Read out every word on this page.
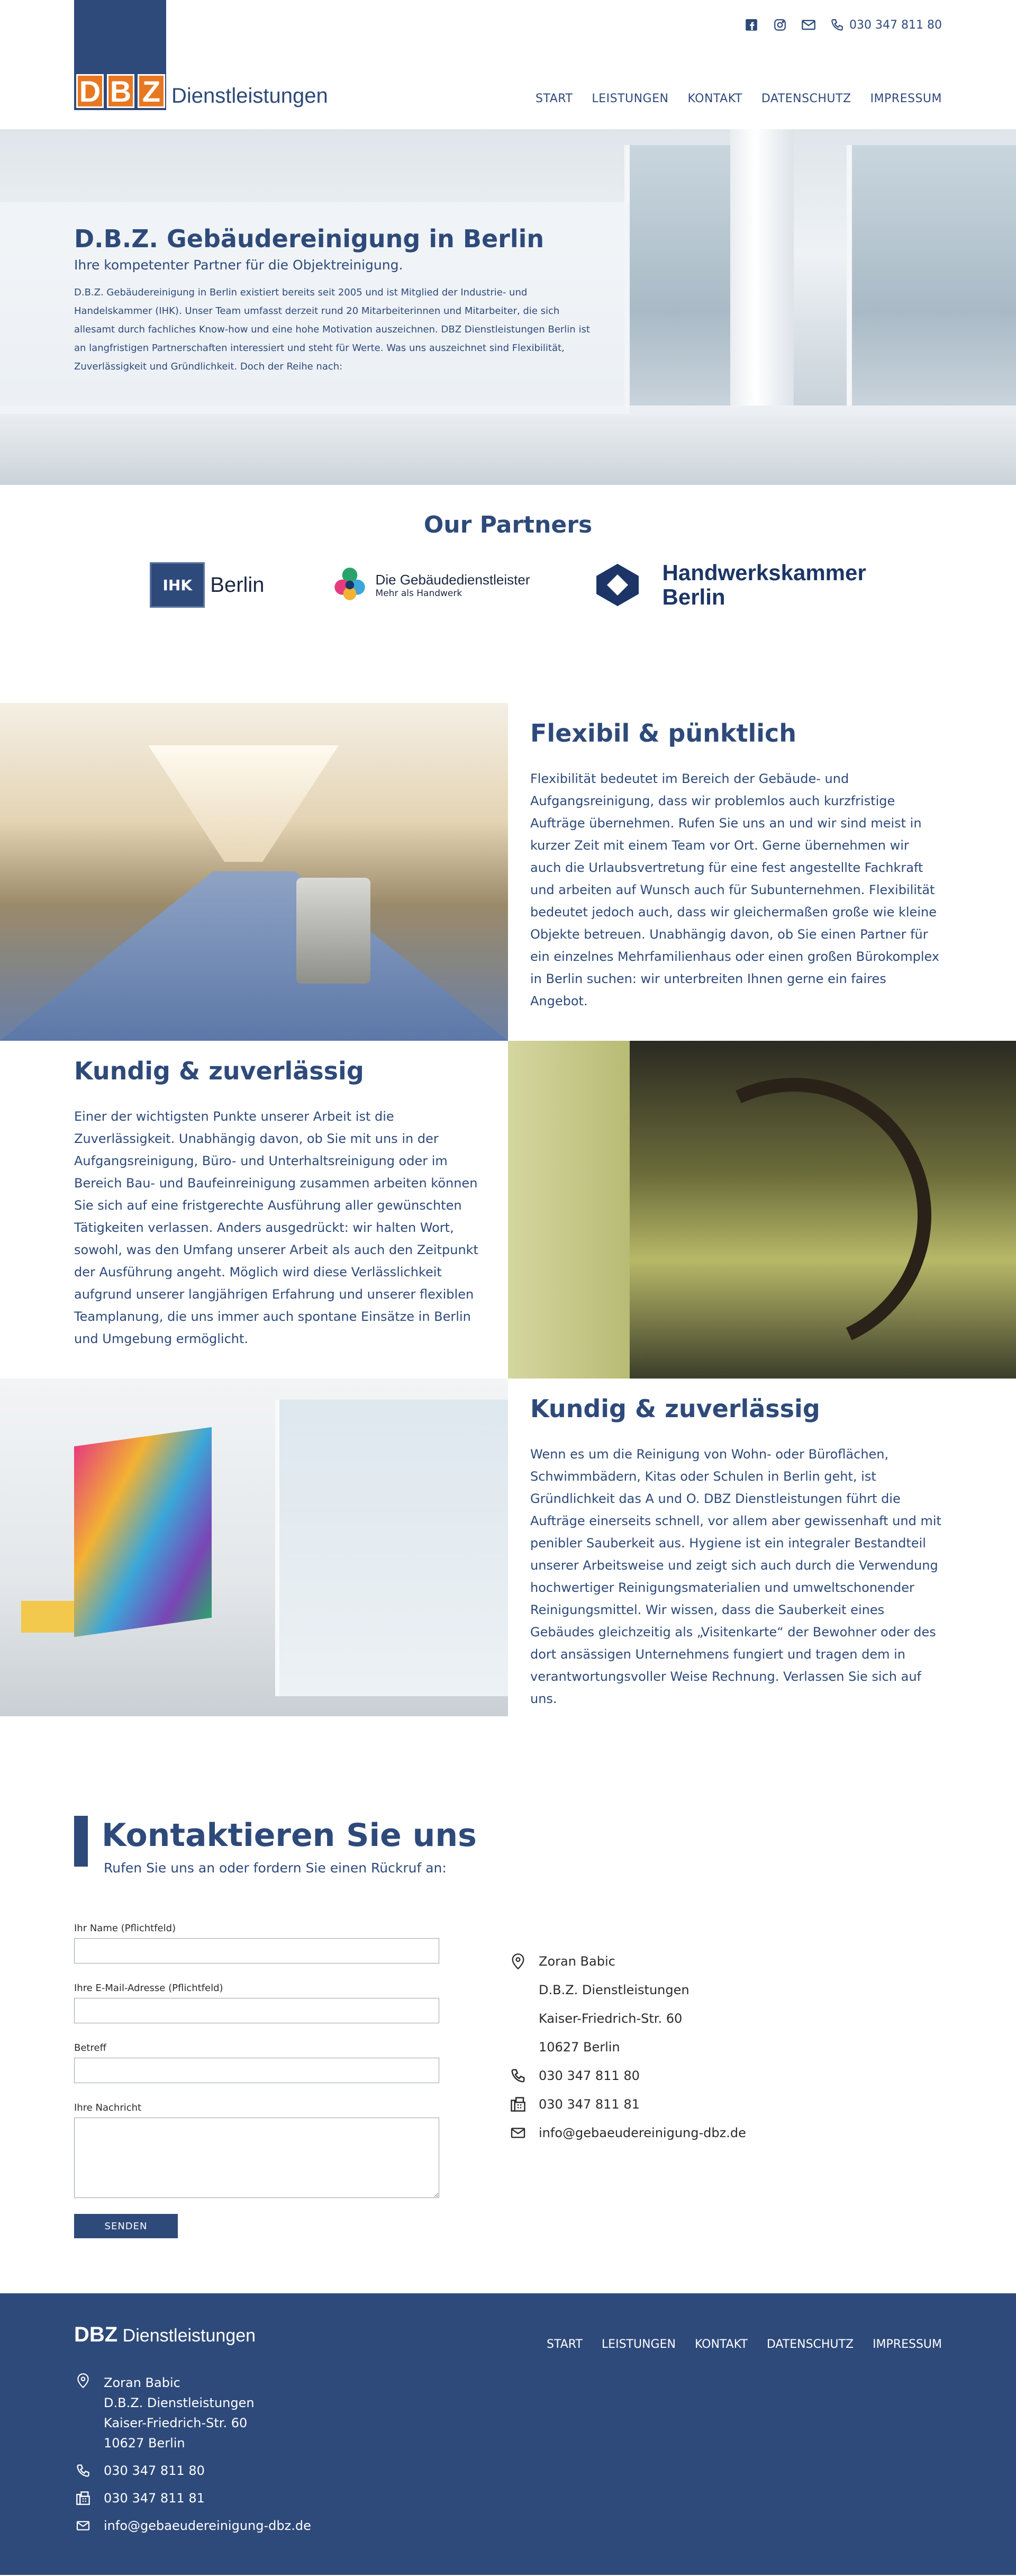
D B Z Dienstleistungen
030 347 811 80
START LEISTUNGEN KONTAKT DATENSCHUTZ IMPRESSUM
D.B.Z. Gebäudereinigung in Berlin
Ihre kompetenter Partner für die Objektreinigung.

D.B.Z. Gebäudereinigung in Berlin existiert bereits seit 2005 und ist Mitglied der Industrie- und Handelskammer (IHK). Unser Team umfasst derzeit rund 20 Mitarbeiterinnen und Mitarbeiter, die sich allesamt durch fachliches Know-how und eine hohe Motivation auszeichnen. DBZ Dienstleistungen Berlin ist an langfristigen Partnerschaften interessiert und steht für Werte. Was uns auszeichnet sind Flexibilität, Zuverlässigkeit und Gründlichkeit. Doch der Reihe nach:

Our Partners
IHK Berlin	Die Gebäudedienstleister
Mehr als Handwerk
Handwerkskammer
Berlin
Flexibil & pünktlich

Flexibilität bedeutet im Bereich der Gebäude- und Aufgangsreinigung, dass wir problemlos auch kurzfristige Aufträge übernehmen. Rufen Sie uns an und wir sind meist in kurzer Zeit mit einem Team vor Ort. Gerne übernehmen wir auch die Urlaubsvertretung für eine fest angestellte Fachkraft und arbeiten auf Wunsch auch für Subunternehmen. Flexibilität bedeutet jedoch auch, dass wir gleichermaßen große wie kleine Objekte betreuen. Unabhängig davon, ob Sie einen Partner für ein einzelnes Mehrfamilienhaus oder einen großen Bürokomplex in Berlin suchen: wir unterbreiten Ihnen gerne ein faires Angebot.

Kundig & zuverlässig

Einer der wichtigsten Punkte unserer Arbeit ist die Zuverlässigkeit. Unabhängig davon, ob Sie mit uns in der Aufgangsreinigung, Büro- und Unterhaltsreinigung oder im Bereich Bau- und Baufeinreinigung zusammen arbeiten können Sie sich auf eine fristgerechte Ausführung aller gewünschten Tätigkeiten verlassen. Anders ausgedrückt: wir halten Wort, sowohl, was den Umfang unserer Arbeit als auch den Zeitpunkt der Ausführung angeht. Möglich wird diese Verlässlichkeit aufgrund unserer langjährigen Erfahrung und unserer flexiblen Teamplanung, die uns immer auch spontane Einsätze in Berlin und Umgebung ermöglicht.

Kundig & zuverlässig

Wenn es um die Reinigung von Wohn- oder Büroflächen, Schwimmbädern, Kitas oder Schulen in Berlin geht, ist Gründlichkeit das A und O. DBZ Dienstleistungen führt die Aufträge einerseits schnell, vor allem aber gewissenhaft und mit penibler Sauberkeit aus. Hygiene ist ein integraler Bestandteil unserer Arbeitsweise und zeigt sich auch durch die Verwendung hochwertiger Reinigungsmaterialien und umweltschonender Reinigungsmittel. Wir wissen, dass die Sauberkeit eines Gebäudes gleichzeitig als „Visitenkarte“ der Bewohner oder des dort ansässigen Unternehmens fungiert und tragen dem in verantwortungsvoller Weise Rechnung. Verlassen Sie sich auf uns.

Kontaktieren Sie uns
Rufen Sie uns an oder fordern Sie einen Rückruf an:
Ihr Name (Pflichtfeld)
Ihre E-Mail-Adresse (Pflichtfeld)
Betreff
Ihre Nachricht
SENDEN
Zoran Babic
D.B.Z. Dienstleistungen
Kaiser-Friedrich-Str. 60
10627 Berlin
030 347 811 80
030 347 811 81
info@gebaeudereinigung-dbz.de
DBZ Dienstleistungen	START LEISTUNGEN KONTAKT DATENSCHUTZ IMPRESSUM
Zoran Babic
D.B.Z. Dienstleistungen
Kaiser-Friedrich-Str. 60
10627 Berlin
030 347 811 80
030 347 811 81
info@gebaeudereinigung-dbz.de
